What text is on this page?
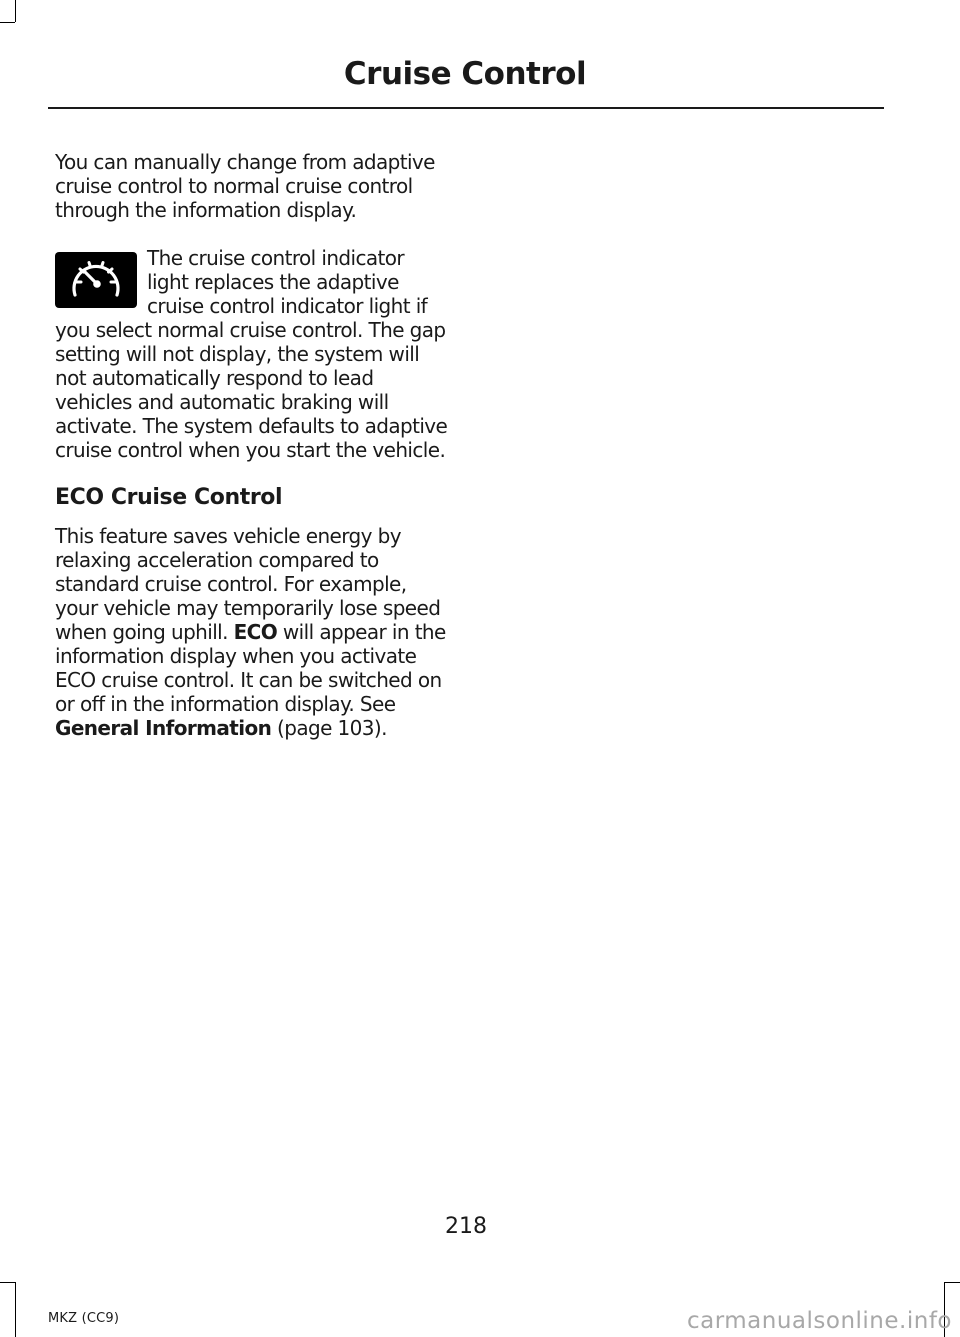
Cruise Control

You can manually change from adaptive cruise control to normal cruise control through the information display.

The cruise control indicator light replaces the adaptive cruise control indicator light if you select normal cruise control. The gap setting will not display, the system will not automatically respond to lead vehicles and automatic braking will activate. The system defaults to adaptive cruise control when you start the vehicle.

ECO Cruise Control

This feature saves vehicle energy by relaxing acceleration compared to standard cruise control. For example, your vehicle may temporarily lose speed when going uphill. ECO will appear in the information display when you activate ECO cruise control. It can be switched on or off in the information display. See General Information (page 103).

218
MKZ (CC9)	carmanualsonline.info
